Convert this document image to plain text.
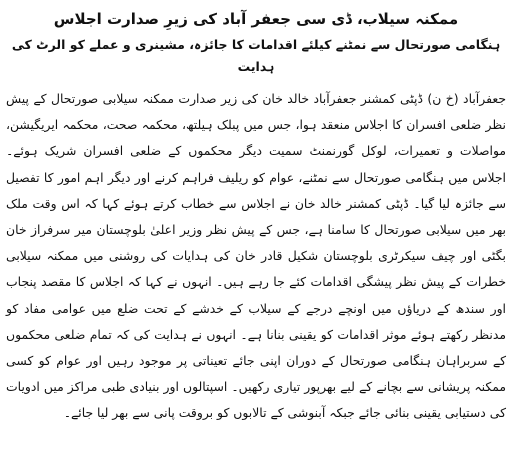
ممکنہ سیلاب، ڈی سی جعفر آباد کی زیرِ صدارت اجلاس
ہنگامی صورتحال سے نمٹنے کیلئے اقدامات کا جائزہ، مشینری و عملے کو الرٹ کی ہدایت

جعفرآباد (خ ن) ڈپٹی کمشنر جعفرآباد خالد خان کی زیر صدارت ممکنہ سیلابی صورتحال کے پیش نظر ضلعی افسران کا اجلاس منعقد ہوا، جس میں پبلک ہیلتھ، محکمہ صحت، محکمہ ایریگیشن، مواصلات و تعمیرات، لوکل گورنمنٹ سمیت دیگر محکموں کے ضلعی افسران شریک ہوئے۔ اجلاس میں ہنگامی صورتحال سے نمٹنے، عوام کو ریلیف فراہم کرنے اور دیگر اہم امور کا تفصیل سے جائزہ لیا گیا۔ ڈپٹی کمشنر خالد خان نے اجلاس سے خطاب کرتے ہوئے کہا کہ اس وقت ملک بھر میں سیلابی صورتحال کا سامنا ہے، جس کے پیش نظر وزیر اعلیٰ بلوچستان میر سرفراز خان بگٹی اور چیف سیکرٹری بلوچستان شکیل قادر خان کی ہدایات کی روشنی میں ممکنہ سیلابی خطرات کے پیش نظر پیشگی اقدامات کئے جا رہے ہیں۔ انہوں نے کہا کہ اجلاس کا مقصد پنجاب اور سندھ کے دریاؤں میں اونچے درجے کے سیلاب کے خدشے کے تحت ضلع میں عوامی مفاد کو مدنظر رکھتے ہوئے موثر اقدامات کو یقینی بنانا ہے۔ انہوں نے ہدایت کی کہ تمام ضلعی محکموں کے سربراہان ہنگامی صورتحال کے دوران اپنی جائے تعیناتی پر موجود رہیں اور عوام کو کسی ممکنہ پریشانی سے بچانے کے لیے بھرپور تیاری رکھیں۔ اسپتالوں اور بنیادی طبی مراکز میں ادویات کی دستیابی یقینی بنائی جائے جبکہ آبنوشی کے تالابوں کو بروقت پانی سے بھر لیا جائے۔
